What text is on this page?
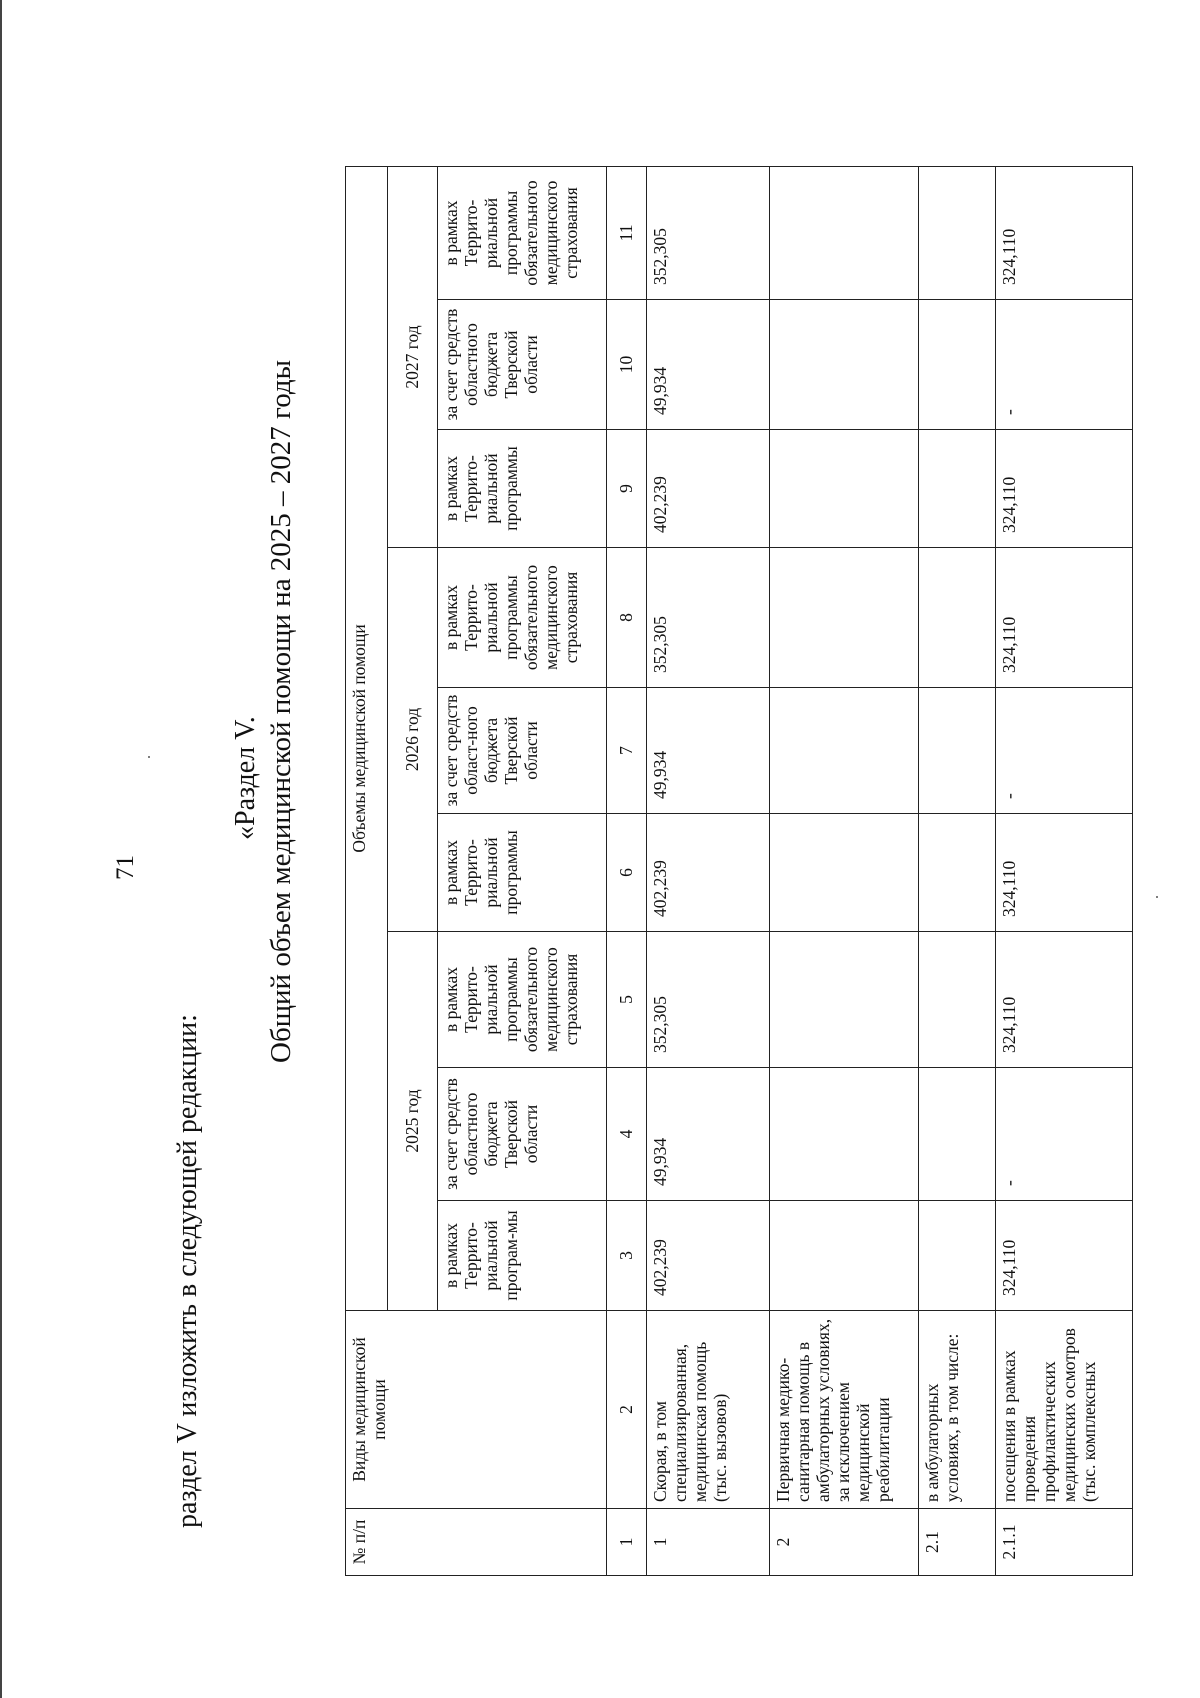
раздел V изложить в следующей редакции:
71
«Раздел V. Общий объем медицинской помощи на 2025 – 2027 годы
№ п/п	Виды медицинской помощи	Объемы медицинской помощи								
		2025 год			2026 год			2027 год		
		в рамках Террито-риальной програм-мы	за счет средств областного бюджета Тверской области	в рамках Террито-риальной программы обязательного медицинского страхования	в рамках Террито-риальной программы	за счет средств област-ного бюджета Тверской области	в рамках Террито-риальной программы обязательного медицинского страхования	в рамках Террито-риальной программы	за счет средств областного бюджета Тверской области	в рамках Террито-риальной программы обязательного медицинского страхования
1	2	3	4	5	6	7	8	9	10	11
1	Скорая, в том специализированная, медицинская помощь (тыс. вызовов)	402,239	49,934	352,305	402,239	49,934	352,305	402,239	49,934	352,305
2	Первичная медико-санитарная помощь в амбулаторных условиях, за исключением медицинской реабилитации									
2.1	в амбулаторных условиях, в том числе:									
2.1.1	посещения в рамках проведения профилактических медицинских осмотров (тыс. комплексных	324,110	-	324,110	324,110	-	324,110	324,110	-	324,110
